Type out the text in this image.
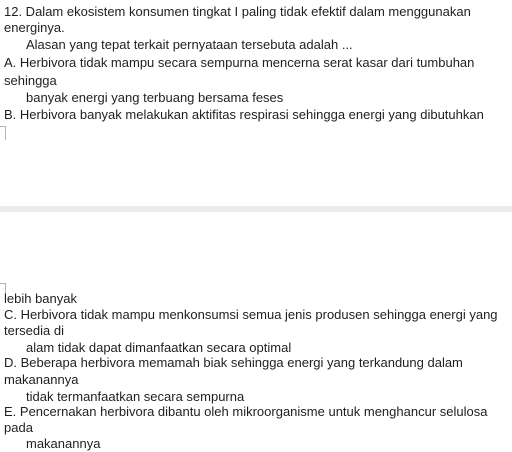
12. Dalam ekosistem konsumen tingkat I paling tidak efektif dalam menggunakan
energinya.
Alasan yang tepat terkait pernyataan tersebuta adalah ...
A. Herbivora tidak mampu secara sempurna mencerna serat kasar dari tumbuhan
sehingga
banyak energi yang terbuang bersama feses
B. Herbivora banyak melakukan aktifitas respirasi sehingga energi yang dibutuhkan
lebih banyak
C. Herbivora tidak mampu menkonsumsi semua jenis produsen sehingga energi yang
tersedia di
alam tidak dapat dimanfaatkan secara optimal
D. Beberapa herbivora memamah biak sehingga energi yang terkandung dalam
makanannya
tidak termanfaatkan secara sempurna
E. Pencernakan herbivora dibantu oleh mikroorganisme untuk menghancur selulosa
pada
makanannya
